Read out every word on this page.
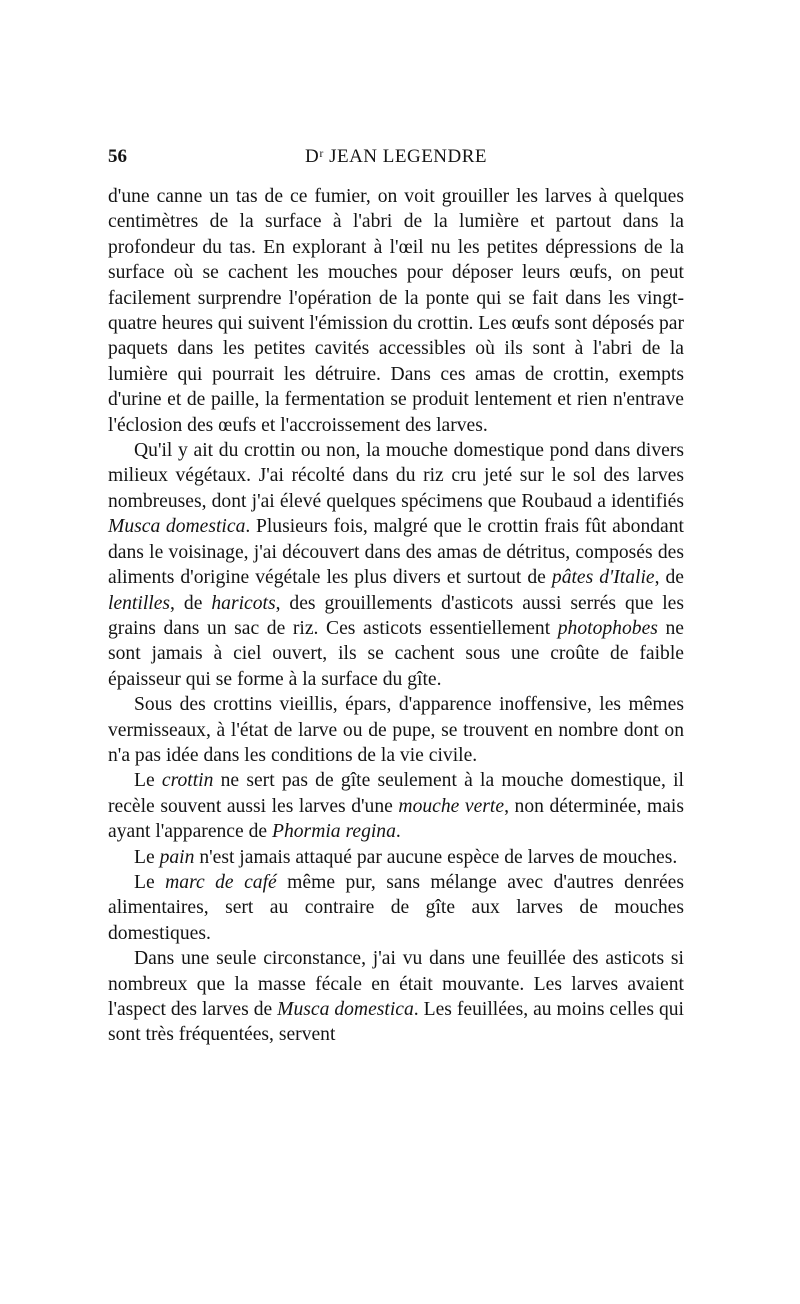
56	Dʳ JEAN LEGENDRE

d'une canne un tas de ce fumier, on voit grouiller les larves à quelques centimètres de la surface à l'abri de la lumière et partout dans la profondeur du tas. En explorant à l'œil nu les petites dépressions de la surface où se cachent les mouches pour déposer leurs œufs, on peut facilement surprendre l'opération de la ponte qui se fait dans les vingt-quatre heures qui suivent l'émission du crottin. Les œufs sont déposés par paquets dans les petites cavités accessibles où ils sont à l'abri de la lumière qui pourrait les détruire. Dans ces amas de crottin, exempts d'urine et de paille, la fermentation se produit lentement et rien n'entrave l'éclosion des œufs et l'accroissement des larves.

Qu'il y ait du crottin ou non, la mouche domestique pond dans divers milieux végétaux. J'ai récolté dans du riz cru jeté sur le sol des larves nombreuses, dont j'ai élevé quelques spécimens que Roubaud a identifiés Musca domestica. Plusieurs fois, malgré que le crottin frais fût abondant dans le voisinage, j'ai découvert dans des amas de détritus, composés des aliments d'origine végétale les plus divers et surtout de pâtes d'Italie, de lentilles, de haricots, des grouillements d'asticots aussi serrés que les grains dans un sac de riz. Ces asticots essentiellement photophobes ne sont jamais à ciel ouvert, ils se cachent sous une croûte de faible épaisseur qui se forme à la surface du gîte.

Sous des crottins vieillis, épars, d'apparence inoffensive, les mêmes vermisseaux, à l'état de larve ou de pupe, se trouvent en nombre dont on n'a pas idée dans les conditions de la vie civile.

Le crottin ne sert pas de gîte seulement à la mouche domestique, il recèle souvent aussi les larves d'une mouche verte, non déterminée, mais ayant l'apparence de Phormia regina.

Le pain n'est jamais attaqué par aucune espèce de larves de mouches.

Le marc de café même pur, sans mélange avec d'autres denrées alimentaires, sert au contraire de gîte aux larves de mouches domestiques.

Dans une seule circonstance, j'ai vu dans une feuillée des asticots si nombreux que la masse fécale en était mouvante. Les larves avaient l'aspect des larves de Musca domestica. Les feuillées, au moins celles qui sont très fréquentées, servent
